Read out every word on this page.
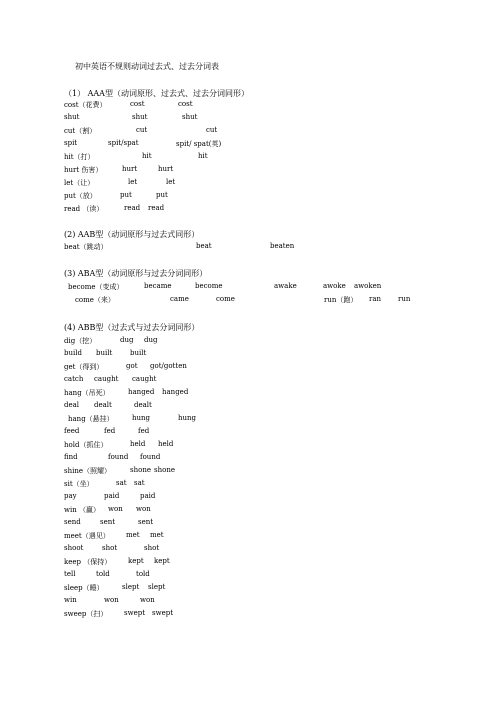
初中英语不规则动词过去式、过去分词表
（1） AAA型（动词原形、过去式、过去分词同形）
cost（花费）	cost	cost
shut	shut	shut
cut（割）	cut	cut
spit	spit/spat	spit/ spat(英)
hit（打）	hit	hit
hurt 伤害）	hurt	hurt
let（让）	let	let
put（放）	put	put
read （读）	read read
(2) AAB型（动词原形与过去式同形）
beat（跳动）	beat	beaten
(3) ABA型（动词原形与过去分词同形）
become（变成）	became	become	awake	awoke awoken
come（来）	came	come	run（跑） ran run
(4) ABB型（过去式与过去分词同形）
dig（挖）	dug dug
build built	built
get（得到）	got got/gotten
catch caught caught
hang（吊死）	hanged hanged
deal dealt	dealt
hang（悬挂）	hung	hung
feed	fed	fed
hold（抓住）	held held
find	found found
shine（照耀）	shone shone
sit（坐）	sat sat
pay	paid	paid
win （赢） won won
send	sent	sent
meet（遇见） met met
shoot	shot	shot
keep （保持） kept kept
tell	told	told
sleep（睡）	slept slept
win	won	won
sweep（扫） swept swept
